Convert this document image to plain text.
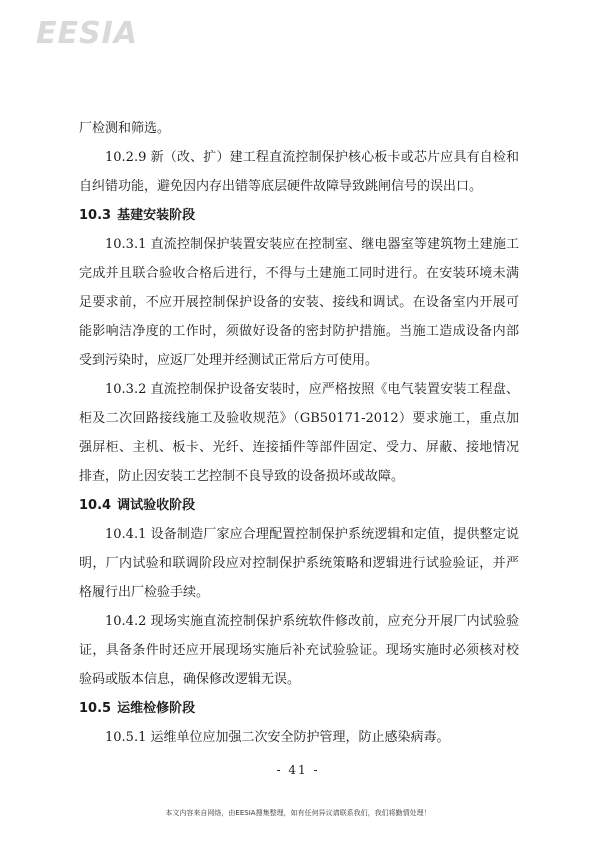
EESIA

厂检测和筛选。

10.2.9 新（改、扩）建工程直流控制保护核心板卡或芯片应具有自检和自纠错功能，避免因内存出错等底层硬件故障导致跳闸信号的误出口。

10.3 基建安装阶段

10.3.1 直流控制保护装置安装应在控制室、继电器室等建筑物土建施工完成并且联合验收合格后进行，不得与土建施工同时进行。在安装环境未满足要求前，不应开展控制保护设备的安装、接线和调试。在设备室内开展可能影响洁净度的工作时，须做好设备的密封防护措施。当施工造成设备内部受到污染时，应返厂处理并经测试正常后方可使用。

10.3.2 直流控制保护设备安装时，应严格按照《电气装置安装工程盘、柜及二次回路接线施工及验收规范》（GB50171-2012）要求施工，重点加强屏柜、主机、板卡、光纤、连接插件等部件固定、受力、屏蔽、接地情况排查，防止因安装工艺控制不良导致的设备损坏或故障。

10.4 调试验收阶段

10.4.1 设备制造厂家应合理配置控制保护系统逻辑和定值，提供整定说明，厂内试验和联调阶段应对控制保护系统策略和逻辑进行试验验证，并严格履行出厂检验手续。

10.4.2 现场实施直流控制保护系统软件修改前，应充分开展厂内试验验证，具备条件时还应开展现场实施后补充试验验证。现场实施时必须核对校验码或版本信息，确保修改逻辑无误。

10.5 运维检修阶段

10.5.1 运维单位应加强二次安全防护管理，防止感染病毒。

- 41 -
本文内容来自网络，由EESIA搜集整理，如有任何异议请联系我们，我们将勤情处理！
